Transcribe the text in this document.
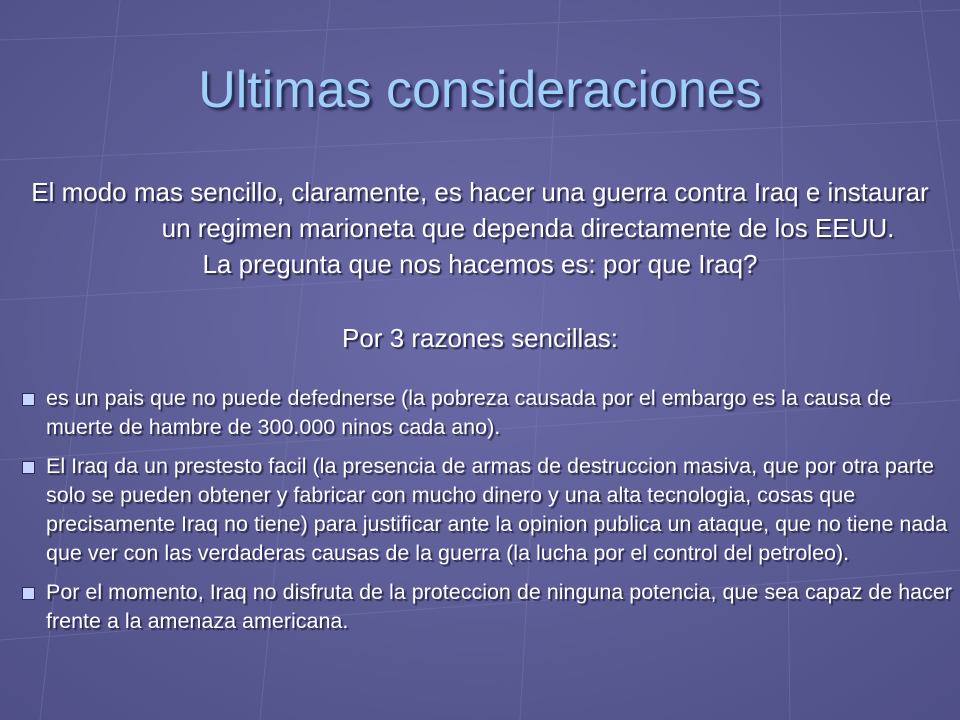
Ultimas consideraciones

El modo mas sencillo, claramente, es hacer una guerra contra Iraq e instaurar un regimen marioneta que dependa directamente de los EEUU.

La pregunta que nos hacemos es: por que Iraq?

Por 3 razones sencillas:
es un pais que no puede defednerse (la pobreza causada por el embargo es la causa de muerte de hambre de 300.000 ninos cada ano).
El Iraq da un prestesto facil (la presencia de armas de destruccion masiva, que por otra parte solo se pueden obtener y fabricar con mucho dinero y una alta tecnologia, cosas que precisamente Iraq no tiene) para justificar ante la opinion publica un ataque, que no tiene nada que ver con las verdaderas causas de la guerra (la lucha por el control del petroleo).
Por el momento, Iraq no disfruta de la proteccion de ninguna potencia, que sea capaz de hacer frente a la amenaza americana.
